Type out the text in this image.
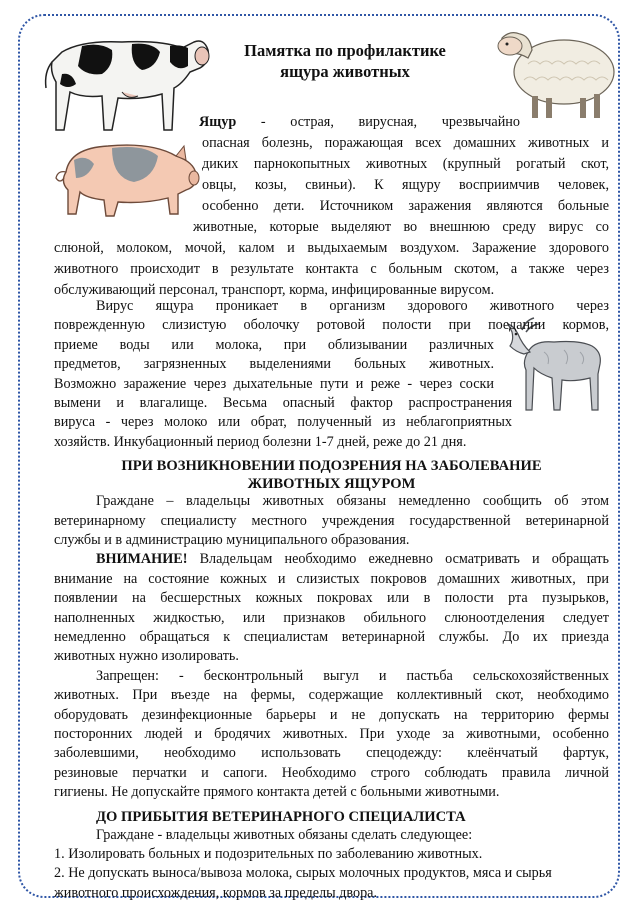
Памятка по профилактике
ящура животных
Ящур - острая, вирусная, чрезвычайно
опасная болезнь, поражающая всех домашних животных и
диких парнокопытных животных (крупный рогатый скот,
овцы, козы, свиньи). К ящуру восприимчив человек,
особенно дети. Источником заражения являются больные
животные, которые выделяют во внешнюю среду вирус со
слюной, молоком, мочой, калом и выдыхаемым воздухом. Заражение здорового
животного происходит в результате контакта с больным скотом, а также через
обслуживающий персонал, транспорт, корма, инфицированные вирусом.
Вирус ящура проникает в организм здорового животного через
поврежденную слизистую оболочку ротовой полости при поедании кормов,
приеме воды или молока, при облизывании различных
предметов, загрязненных выделениями больных животных.
Возможно заражение через дыхательные пути и реже - через соски
вымени и влагалище. Весьма опасный фактор распространения
вируса - через молоко или обрат, полученный из неблагоприятных
хозяйств. Инкубационный период болезни 1-7 дней, реже до 21 дня.
ПРИ ВОЗНИКНОВЕНИИ ПОДОЗРЕНИЯ НА ЗАБОЛЕВАНИЕ
ЖИВОТНЫХ ЯЩУРОМ
Граждане – владельцы животных обязаны немедленно сообщить об этом
ветеринарному специалисту местного учреждения государственной ветеринарной
службы и в администрацию муниципального образования.
ВНИМАНИЕ! Владельцам необходимо ежедневно осматривать и обращать
внимание на состояние кожных и слизистых покровов домашних животных, при
появлении на бесшерстных кожных покровах или в полости рта пузырьков,
наполненных жидкостью, или признаков обильного слюноотделения следует
немедленно обращаться к специалистам ветеринарной службы. До их приезда
животных нужно изолировать.
Запрещен: - бесконтрольный выгул и пастьба сельскохозяйственных
животных. При въезде на фермы, содержащие коллективный скот, необходимо
оборудовать дезинфекционные барьеры и не допускать на территорию фермы
посторонних людей и бродячих животных. При уходе за животными, особенно
заболевшими, необходимо использовать спецодежду: клеёнчатый фартук,
резиновые перчатки и сапоги. Необходимо строго соблюдать правила личной
гигиены. Не допускайте прямого контакта детей с больными животными.
ДО ПРИБЫТИЯ ВЕТЕРИНАРНОГО СПЕЦИАЛИСТА
Граждане - владельцы животных обязаны сделать следующее:
1. Изолировать больных и подозрительных по заболеванию животных.
2. Не допускать выноса/вывоза молока, сырых молочных продуктов, мяса и сырья
животного происхождения, кормов за пределы двора.
